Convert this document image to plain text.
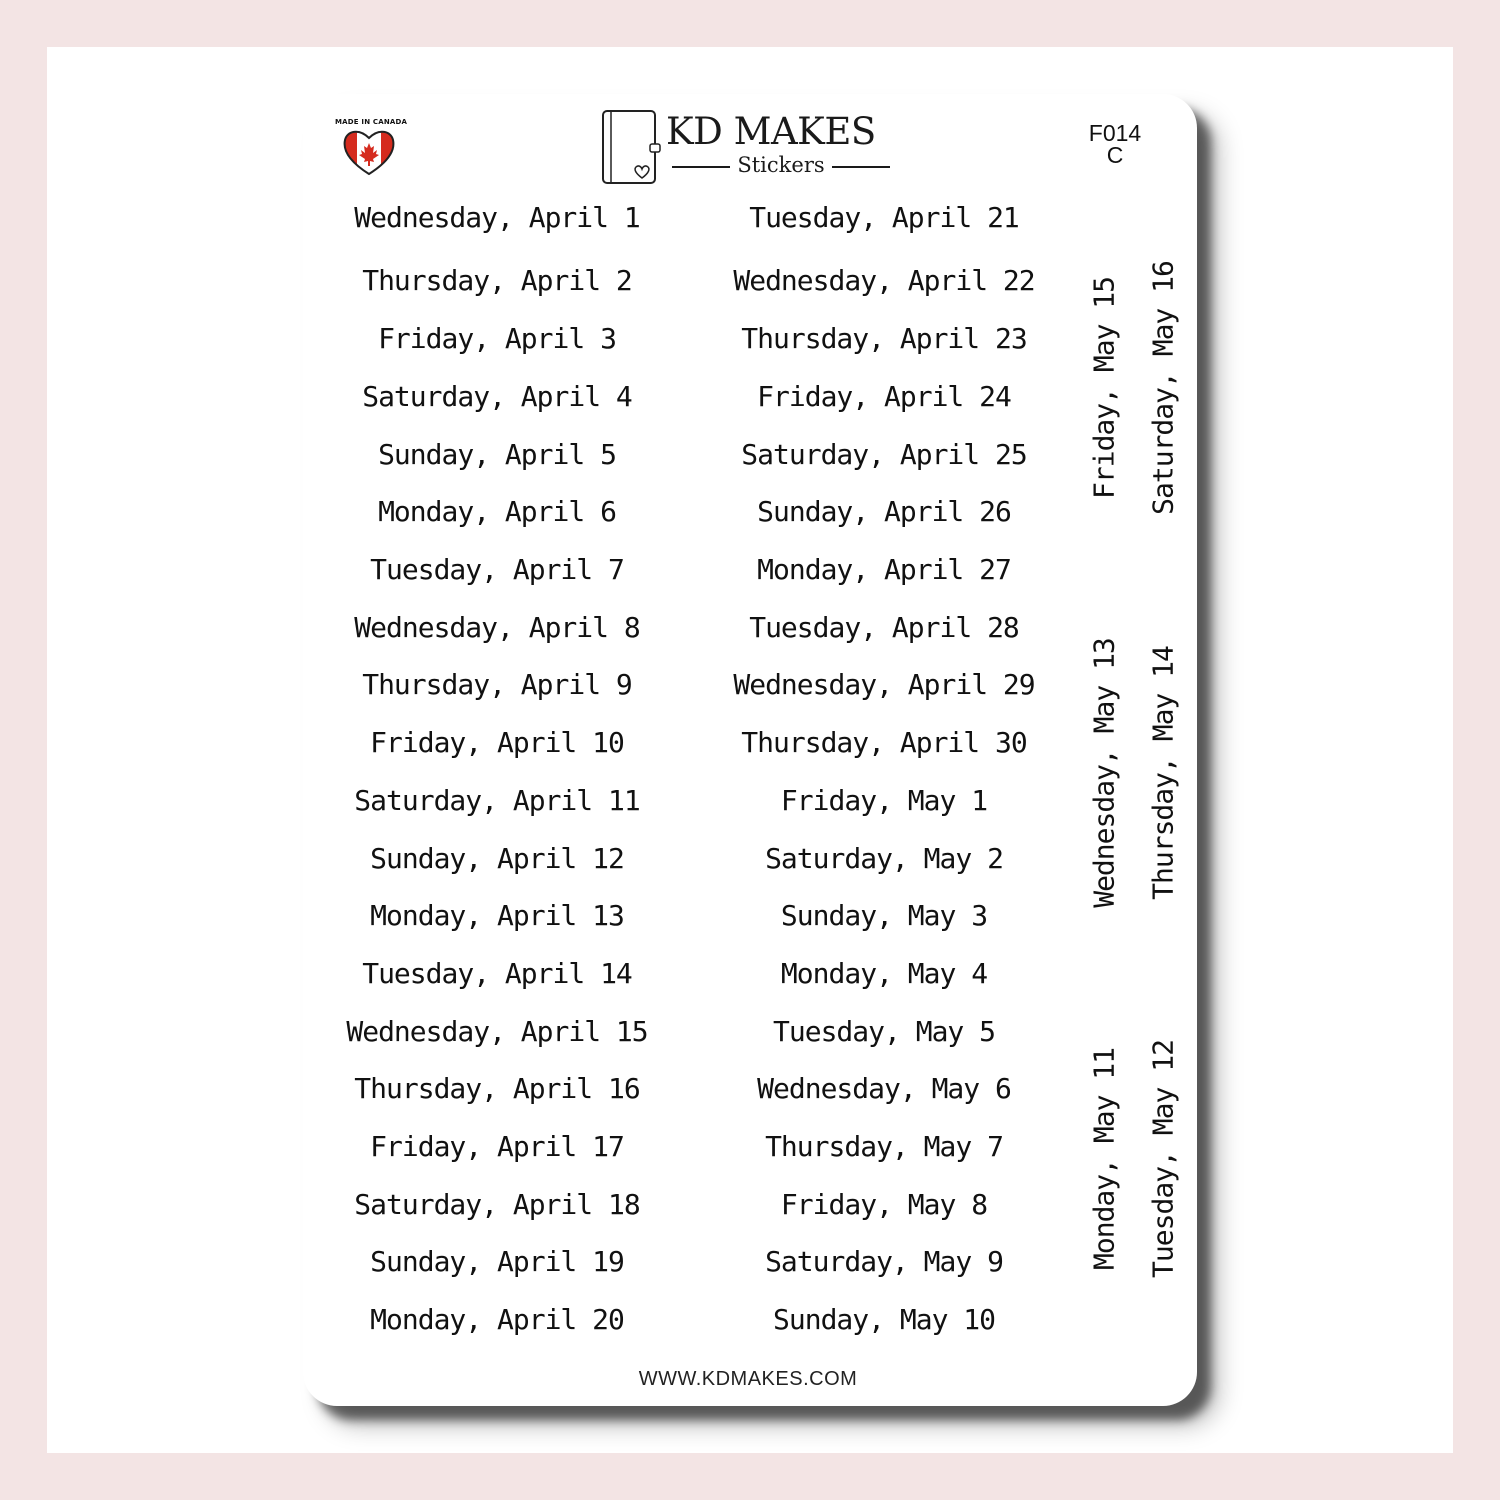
MADE IN CANADA	KD MAKES
Stickers
F014
C
Wednesday, April 1
Thursday, April 2
Friday, April 3
Saturday, April 4
Sunday, April 5
Monday, April 6
Tuesday, April 7
Wednesday, April 8
Thursday, April 9
Friday, April 10
Saturday, April 11
Sunday, April 12
Monday, April 13
Tuesday, April 14
Wednesday, April 15
Thursday, April 16
Friday, April 17
Saturday, April 18
Sunday, April 19
Monday, April 20
Tuesday, April 21
Wednesday, April 22
Thursday, April 23
Friday, April 24
Saturday, April 25
Sunday, April 26
Monday, April 27
Tuesday, April 28
Wednesday, April 29
Thursday, April 30
Friday, May 1
Saturday, May 2
Sunday, May 3
Monday, May 4
Tuesday, May 5
Wednesday, May 6
Thursday, May 7
Friday, May 8
Saturday, May 9
Sunday, May 10
Friday, May 15 Saturday, May 16
Wednesday, May 13 Thursday, May 14
Monday, May 11 Tuesday, May 12
WWW.KDMAKES.COM
